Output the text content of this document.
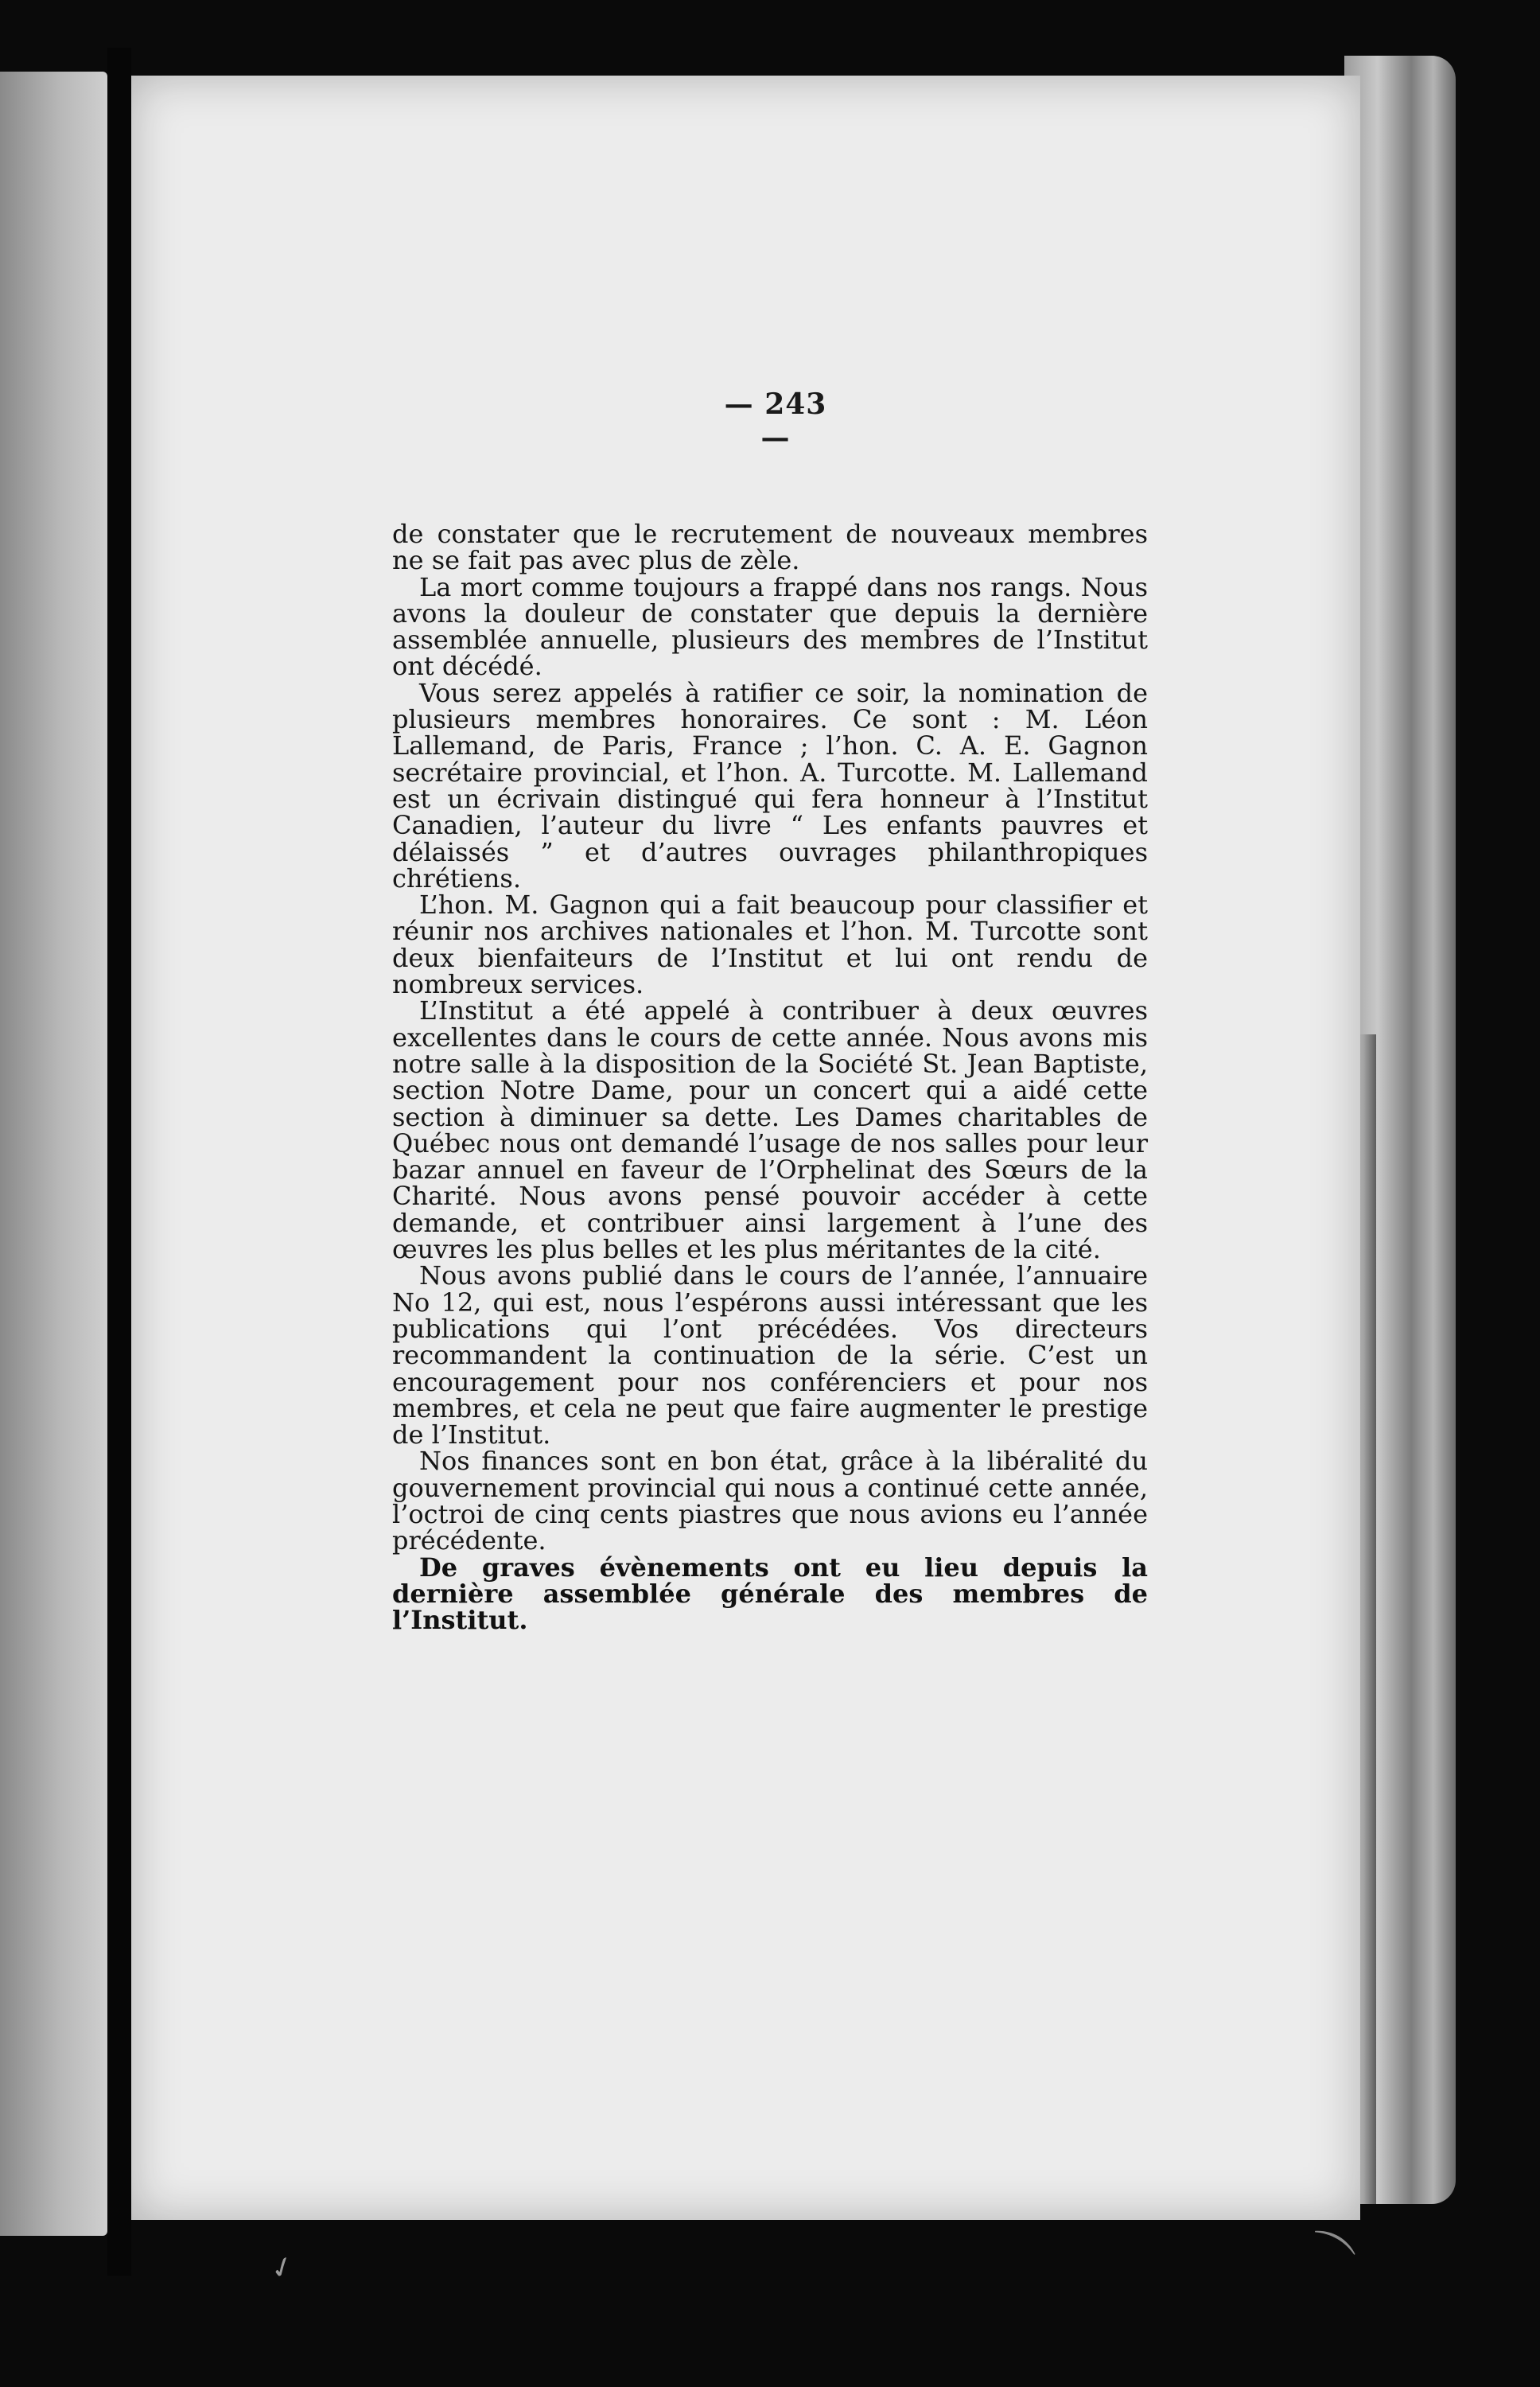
— 243 —

de constater que le recrutement de nouveaux membres ne se fait pas avec plus de zèle.

La mort comme toujours a frappé dans nos rangs. Nous avons la douleur de constater que depuis la dernière assemblée annuelle, plusieurs des membres de l’Institut ont décédé.

Vous serez appelés à ratifier ce soir, la nomination de plusieurs membres honoraires. Ce sont : M. Léon Lallemand, de Paris, France ; l’hon. C. A. E. Gagnon secrétaire provincial, et l’hon. A. Turcotte. M. Lallemand est un écrivain distingué qui fera honneur à l’Institut Canadien, l’auteur du livre “ Les enfants pauvres et délaissés ” et d’autres ouvrages philanthropiques chrétiens.

L’hon. M. Gagnon qui a fait beaucoup pour classifier et réunir nos archives nationales et l’hon. M. Turcotte sont deux bienfaiteurs de l’Institut et lui ont rendu de nombreux services.

L’Institut a été appelé à contribuer à deux œuvres excellentes dans le cours de cette année. Nous avons mis notre salle à la disposition de la Société St. Jean Baptiste, section Notre Dame, pour un concert qui a aidé cette section à diminuer sa dette. Les Dames charitables de Québec nous ont demandé l’usage de nos salles pour leur bazar annuel en faveur de l’Orphelinat des Sœurs de la Charité. Nous avons pensé pouvoir accéder à cette demande, et contribuer ainsi largement à l’une des œuvres les plus belles et les plus méritantes de la cité.

Nous avons publié dans le cours de l’année, l’annuaire No 12, qui est, nous l’espérons aussi intéressant que les publications qui l’ont précédées. Vos directeurs recommandent la continuation de la série. C’est un encouragement pour nos conférenciers et pour nos membres, et cela ne peut que faire augmenter le prestige de l’Institut.

Nos finances sont en bon état, grâce à la libéralité du gouvernement provincial qui nous a continué cette année, l’octroi de cinq cents piastres que nous avions eu l’année précédente.

De graves évènements ont eu lieu depuis la dernière assemblée générale des membres de l’Institut.

✓	⌒
